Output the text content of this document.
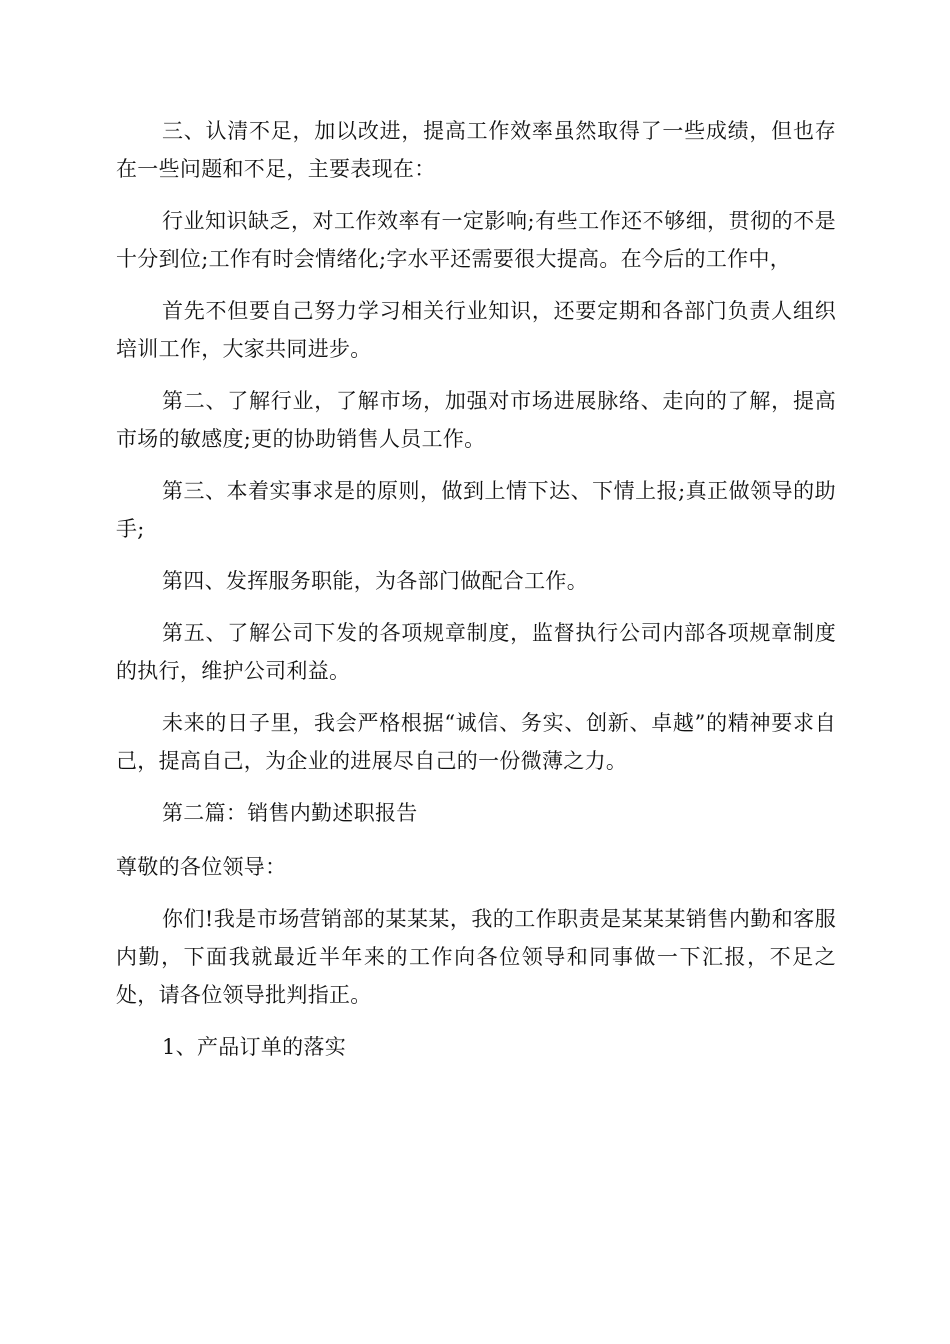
三、认清不足，加以改进，提高工作效率虽然取得了一些成绩，但也存在一些问题和不足，主要表现在：

行业知识缺乏，对工作效率有一定影响;有些工作还不够细，贯彻的不是十分到位;工作有时会情绪化;字水平还需要很大提高。在今后的工作中，

首先不但要自己努力学习相关行业知识，还要定期和各部门负责人组织培训工作，大家共同进步。

第二、了解行业，了解市场，加强对市场进展脉络、走向的了解，提高市场的敏感度;更的协助销售人员工作。

第三、本着实事求是的原则，做到上情下达、下情上报;真正做领导的助手;

第四、发挥服务职能，为各部门做配合工作。

第五、了解公司下发的各项规章制度，监督执行公司内部各项规章制度的执行，维护公司利益。

未来的日子里，我会严格根据“诚信、务实、创新、卓越”的精神要求自己，提高自己，为企业的进展尽自己的一份微薄之力。

第二篇：销售内勤述职报告

尊敬的各位领导：

你们!我是市场营销部的某某某，我的工作职责是某某某销售内勤和客服内勤，下面我就最近半年来的工作向各位领导和同事做一下汇报，不足之处，请各位领导批判指正。

1、产品订单的落实
